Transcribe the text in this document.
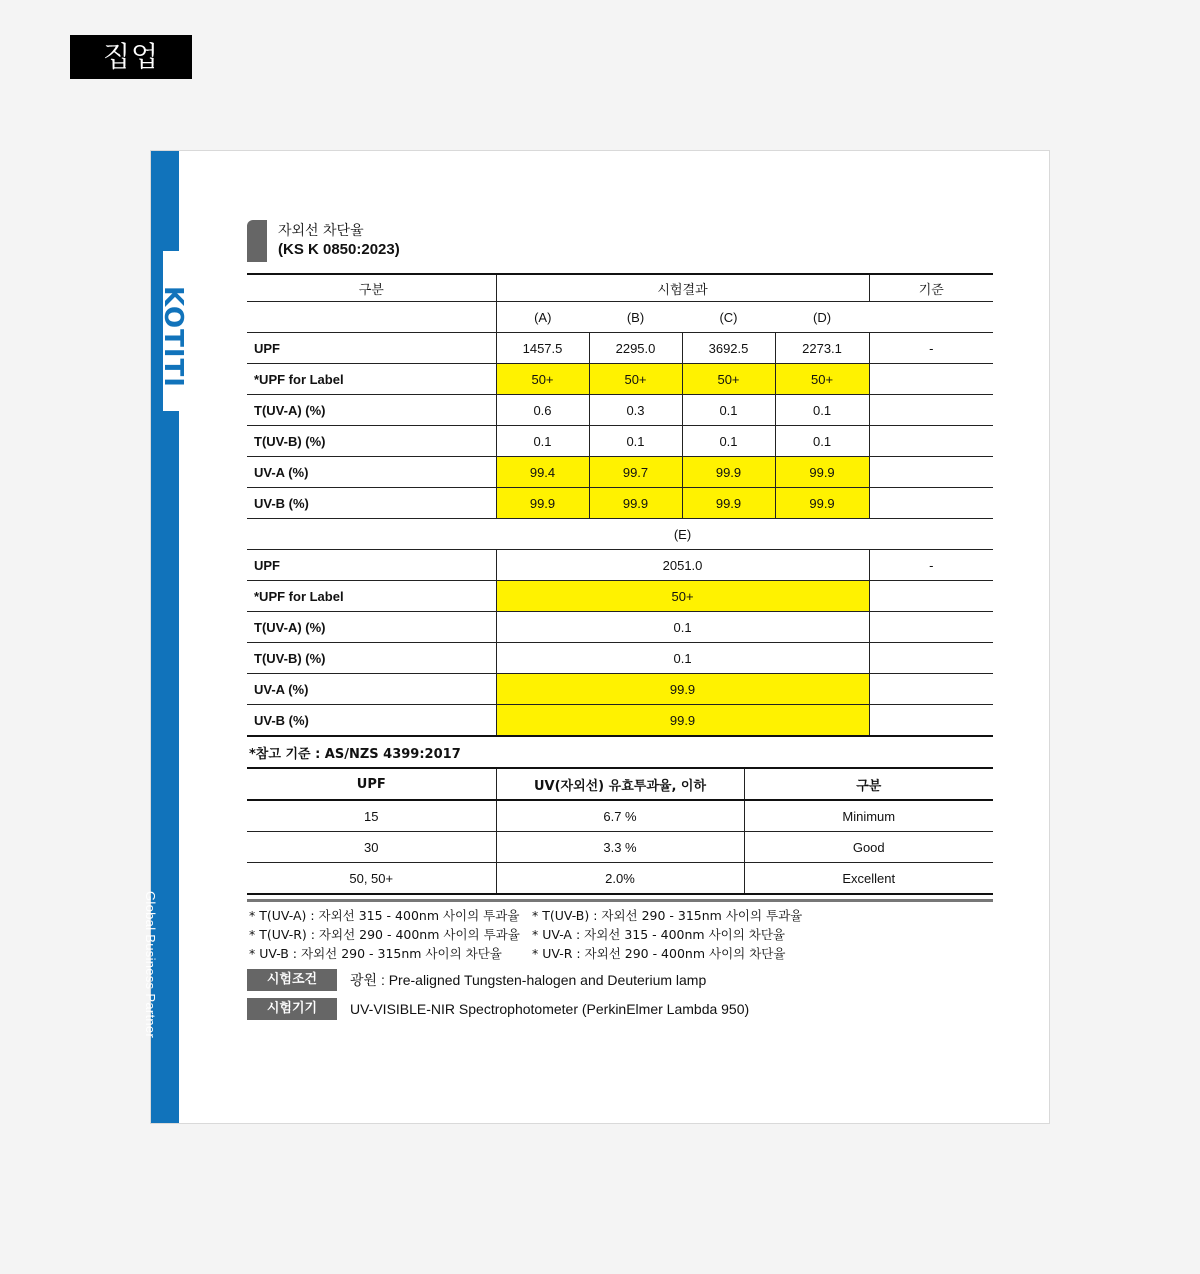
집업
KOTITI
Global Business Partner
자외선 차단율
(KS K 0850:2023)
구분	시험결과				기준
	(A)	(B)	(C)	(D)	
UPF	1457.5	2295.0	3692.5	2273.1	-
*UPF for Label	50+	50+	50+	50+	
T(UV-A) (%)	0.6	0.3	0.1	0.1	
T(UV-B) (%)	0.1	0.1	0.1	0.1	
UV-A (%)	99.4	99.7	99.9	99.9	
UV-B (%)	99.9	99.9	99.9	99.9	
	(E)				
UPF	2051.0				-
*UPF for Label	50+				
T(UV-A) (%)	0.1				
T(UV-B) (%)	0.1				
UV-A (%)	99.9				
UV-B (%)	99.9				
*참고 기준 : AS/NZS 4399:2017
UPF	UV(자외선) 유효투과율, 이하	구분
15	6.7 %	Minimum
30	3.3 %	Good
50, 50+	2.0%	Excellent
* T(UV-A) : 자외선 315 - 400nm 사이의 투과율	* T(UV-B) : 자외선 290 - 315nm 사이의 투과율
* T(UV-R) : 자외선 290 - 400nm 사이의 투과율 * UV-A : 자외선 315 - 400nm 사이의 차단율
* UV-B : 자외선 290 - 315nm 사이의 차단율	* UV-R : 자외선 290 - 400nm 사이의 차단율
시험조건	광원 : Pre-aligned Tungsten-halogen and Deuterium lamp
시험기기	UV-VISIBLE-NIR Spectrophotometer (PerkinElmer Lambda 950)
